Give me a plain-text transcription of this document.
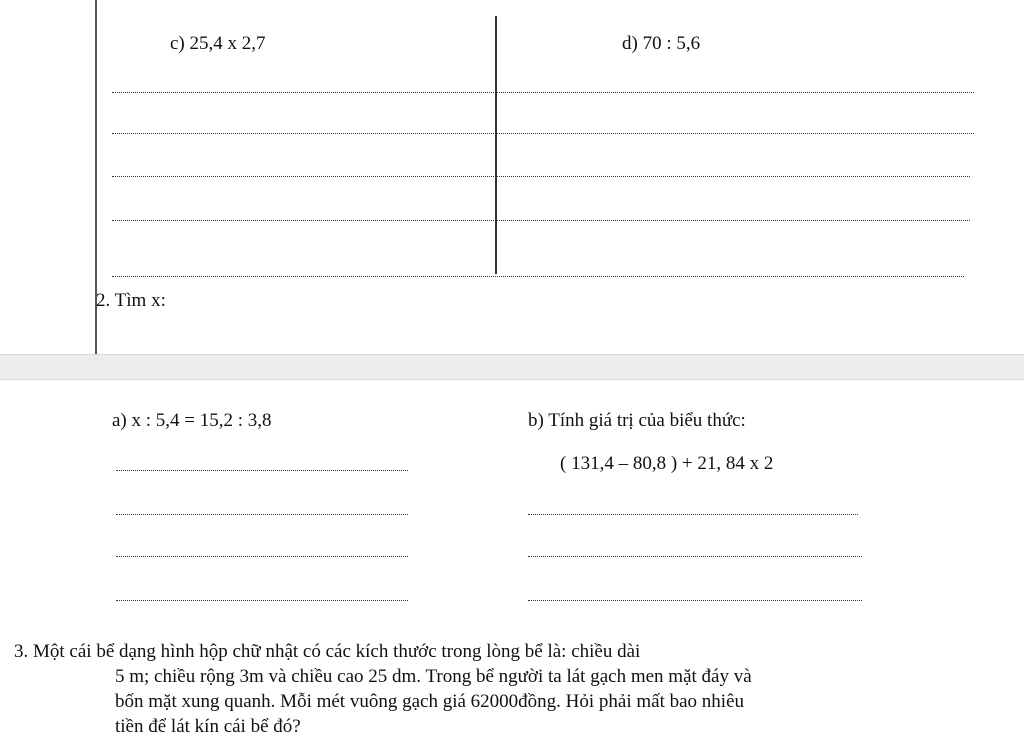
c) 25,4 x 2,7	d) 70 : 5,6
2. Tìm x:
a) x : 5,4 = 15,2 : 3,8	b) Tính giá trị của biểu thức:
( 131,4 – 80,8 ) + 21, 84 x 2
3. Một cái bể dạng hình hộp chữ nhật có các kích thước trong lòng bể là: chiều dài
5 m; chiều rộng 3m và chiều cao 25 dm. Trong bể người ta lát gạch men mặt đáy và
bốn mặt xung quanh. Mỗi mét vuông gạch giá 62000đồng. Hỏi phải mất bao nhiêu
tiền để lát kín cái bể đó?
